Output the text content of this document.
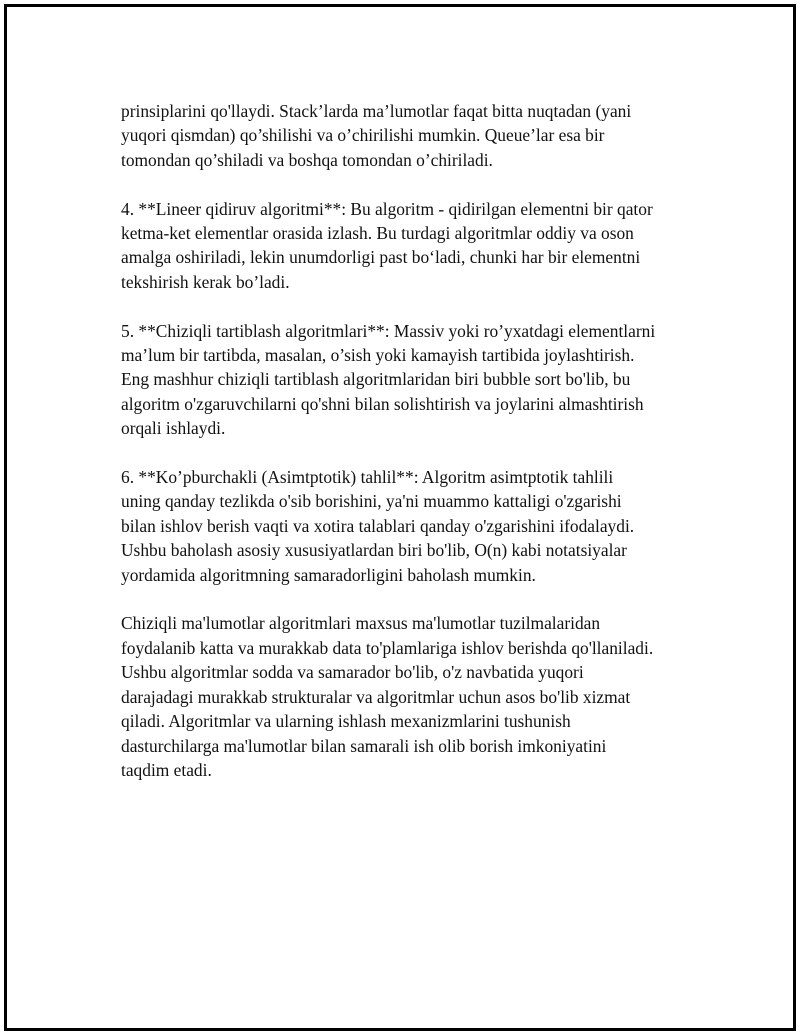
prinsiplarini qo'llaydi. Stack’larda ma’lumotlar faqat bitta nuqtadan (yani
yuqori qismdan) qo’shilishi va o’chirilishi mumkin. Queue’lar esa bir
tomondan qo’shiladi va boshqa tomondan o’chiriladi.

4. **Lineer qidiruv algoritmi**: Bu algoritm - qidirilgan elementni bir qator
ketma-ket elementlar orasida izlash. Bu turdagi algoritmlar oddiy va oson
amalga oshiriladi, lekin unumdorligi past bo‘ladi, chunki har bir elementni
tekshirish kerak bo’ladi.

5. **Chiziqli tartiblash algoritmlari**: Massiv yoki ro’yxatdagi elementlarni
ma’lum bir tartibda, masalan, o’sish yoki kamayish tartibida joylashtirish.
Eng mashhur chiziqli tartiblash algoritmlaridan biri bubble sort bo'lib, bu
algoritm o'zgaruvchilarni qo'shni bilan solishtirish va joylarini almashtirish
orqali ishlaydi.

6. **Ko’pburchakli (Asimtptotik) tahlil**: Algoritm asimtptotik tahlili
uning qanday tezlikda o'sib borishini, ya'ni muammo kattaligi o'zgarishi
bilan ishlov berish vaqti va xotira talablari qanday o'zgarishini ifodalaydi.
Ushbu baholash asosiy xususiyatlardan biri bo'lib, O(n) kabi notatsiyalar
yordamida algoritmning samaradorligini baholash mumkin.

Chiziqli ma'lumotlar algoritmlari maxsus ma'lumotlar tuzilmalaridan
foydalanib katta va murakkab data to'plamlariga ishlov berishda qo'llaniladi.
Ushbu algoritmlar sodda va samarador bo'lib, o'z navbatida yuqori
darajadagi murakkab strukturalar va algoritmlar uchun asos bo'lib xizmat
qiladi. Algoritmlar va ularning ishlash mexanizmlarini tushunish
dasturchilarga ma'lumotlar bilan samarali ish olib borish imkoniyatini
taqdim etadi.
